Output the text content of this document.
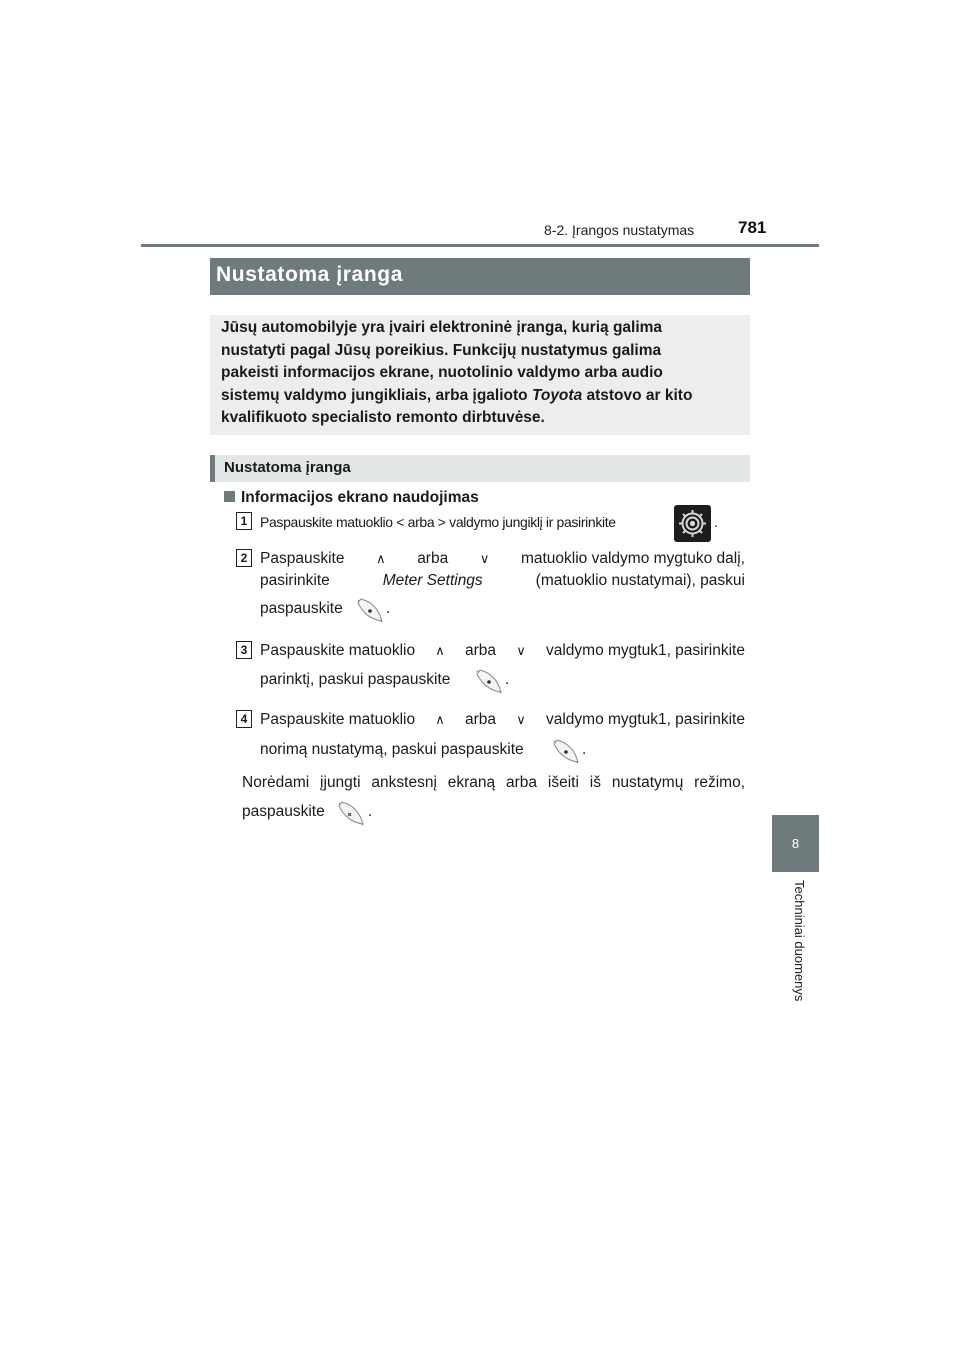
8-2. Įrangos nustatymas	781
8
Techniniai duomenys
Nustatoma įranga
Jūsų automobilyje yra įvairi elektroninė įranga, kurią galima
nustatyti pagal Jūsų poreikius. Funkcijų nustatymus galima
pakeisti informacijos ekrane, nuotolinio valdymo arba audio
sistemų valdymo jungikliais, arba įgalioto Toyota atstovo ar kito
kvalifikuoto specialisto remonto dirbtuvėse.
Nustatoma įranga
Informacijos ekrano naudojimas
1 Paspauskite matuoklio < arba > valdymo jungiklį ir pasirinkite	.
2 Paspauskite ∧ arba ∨ matuoklio valdymo mygtuko dalį,
pasirinkite	Meter Settings	(matuoklio nustatymai), paskui
paspauskite	.
3 Paspauskite matuoklio ∧ arba ∨ valdymo mygtuk1, pasirinkite
parinktį, paskui paspauskite	.
4 Paspauskite matuoklio ∧ arba ∨ valdymo mygtuk1, pasirinkite
norimą nustatymą, paskui paspauskite	.
Norėdami įjungti ankstesnį ekraną arba išeiti iš nustatymų režimo,
paspauskite	.
